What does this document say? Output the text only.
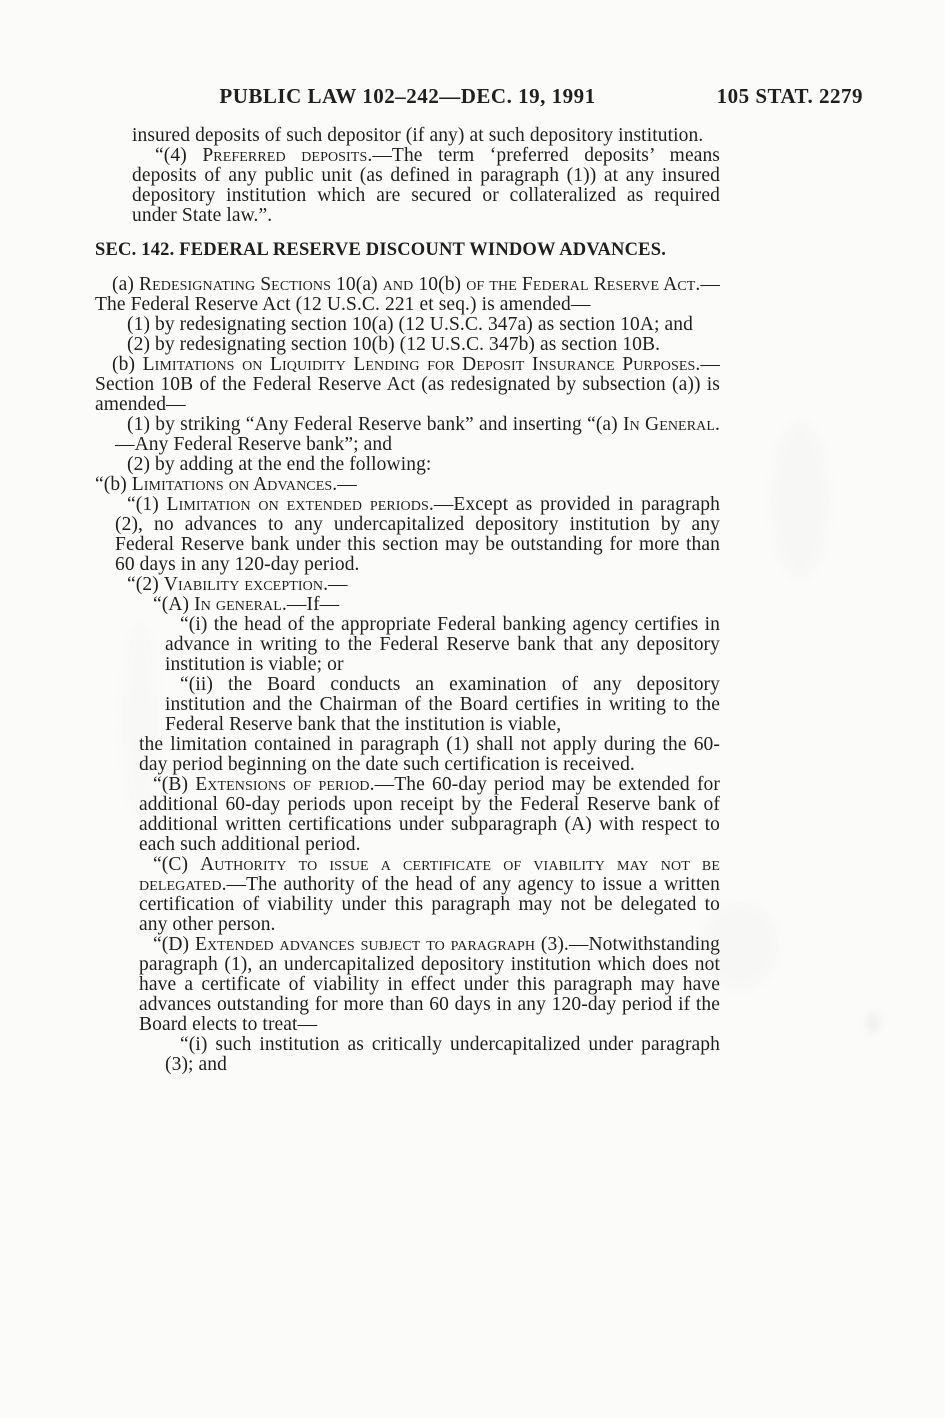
PUBLIC LAW 102–242—DEC. 19, 1991	105 STAT. 2279

insured deposits of such depositor (if any) at such depository institution.

“(4) Preferred deposits.—The term ‘preferred deposits’ means deposits of any public unit (as defined in paragraph (1)) at any insured depository institution which are secured or collateralized as required under State law.”.

SEC. 142. FEDERAL RESERVE DISCOUNT WINDOW ADVANCES.

(a) Redesignating Sections 10(a) and 10(b) of the Federal Reserve Act.—The Federal Reserve Act (12 U.S.C. 221 et seq.) is amended—

(1) by redesignating section 10(a) (12 U.S.C. 347a) as section 10A; and

(2) by redesignating section 10(b) (12 U.S.C. 347b) as section 10B.

(b) Limitations on Liquidity Lending for Deposit Insurance Purposes.—Section 10B of the Federal Reserve Act (as redesignated by subsection (a)) is amended—

(1) by striking “Any Federal Reserve bank” and inserting “(a) In General.—Any Federal Reserve bank”; and

(2) by adding at the end the following:

“(b) Limitations on Advances.—

“(1) Limitation on extended periods.—Except as provided in paragraph (2), no advances to any undercapitalized depository institution by any Federal Reserve bank under this section may be outstanding for more than 60 days in any 120-day period.

“(2) Viability exception.—

“(A) In general.—If—

“(i) the head of the appropriate Federal banking agency certifies in advance in writing to the Federal Reserve bank that any depository institution is viable; or

“(ii) the Board conducts an examination of any depository institution and the Chairman of the Board certifies in writing to the Federal Reserve bank that the institution is viable,

the limitation contained in paragraph (1) shall not apply during the 60-day period beginning on the date such certification is received.

“(B) Extensions of period.—The 60-day period may be extended for additional 60-day periods upon receipt by the Federal Reserve bank of additional written certifications under subparagraph (A) with respect to each such additional period.

“(C) Authority to issue a certificate of viability may not be delegated.—The authority of the head of any agency to issue a written certification of viability under this paragraph may not be delegated to any other person.

“(D) Extended advances subject to paragraph (3).—Notwithstanding paragraph (1), an undercapitalized depository institution which does not have a certificate of viability in effect under this paragraph may have advances outstanding for more than 60 days in any 120-day period if the Board elects to treat—

“(i) such institution as critically undercapitalized under paragraph (3); and
